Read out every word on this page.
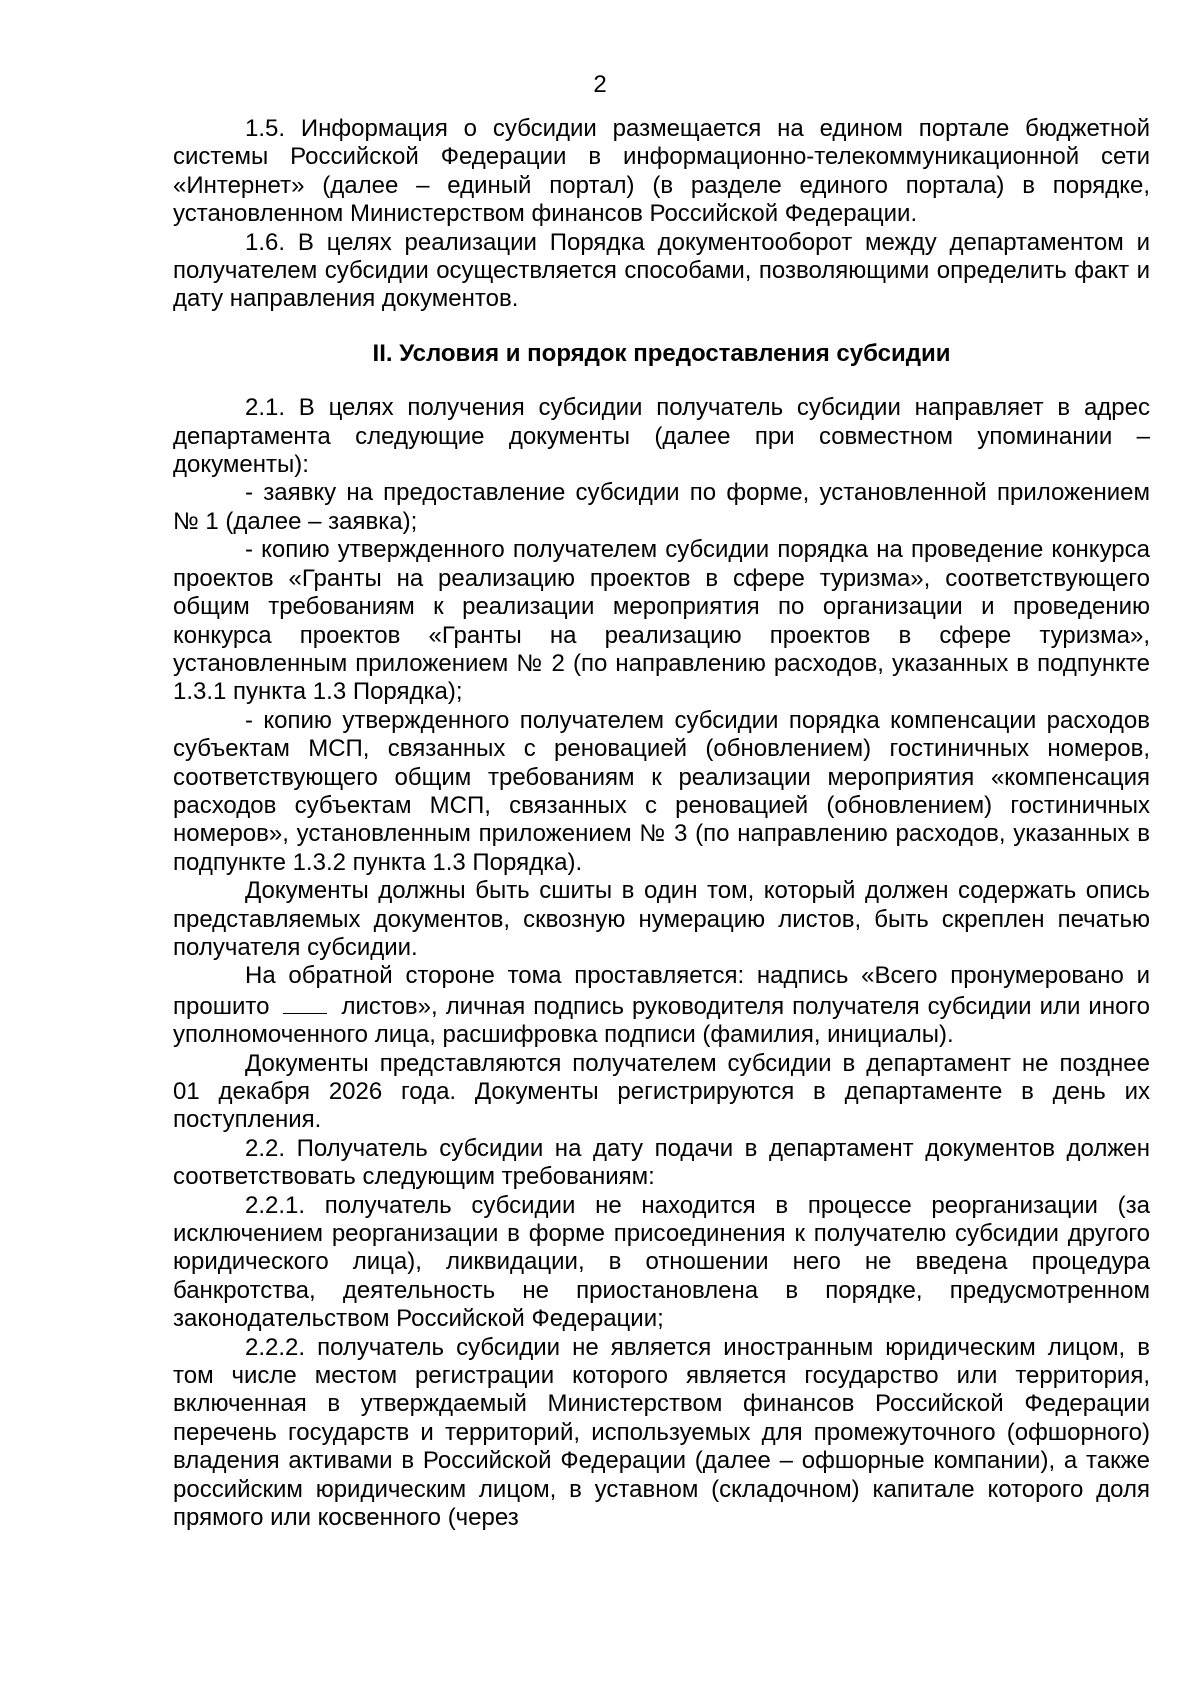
2

1.5. Информация о субсидии размещается на едином портале бюджетной системы Российской Федерации в информационно-телекоммуникационной сети «Интернет» (далее – единый портал) (в разделе единого портала) в порядке, установленном Министерством финансов Российской Федерации.

1.6. В целях реализации Порядка документооборот между департаментом и получателем субсидии осуществляется способами, позволяющими определить факт и дату направления документов.

II. Условия и порядок предоставления субсидии

2.1. В целях получения субсидии получатель субсидии направляет в адрес департамента следующие документы (далее при совместном упоминании – документы):

- заявку на предоставление субсидии по форме, установленной приложением № 1 (далее – заявка);

- копию утвержденного получателем субсидии порядка на проведение конкурса проектов «Гранты на реализацию проектов в сфере туризма», соответствующего общим требованиям к реализации мероприятия по организации и проведению конкурса проектов «Гранты на реализацию проектов в сфере туризма», установленным приложением № 2 (по направлению расходов, указанных в подпункте 1.3.1 пункта 1.3 Порядка);

- копию утвержденного получателем субсидии порядка компенсации расходов субъектам МСП, связанных с реновацией (обновлением) гостиничных номеров, соответствующего общим требованиям к реализации мероприятия «компенсация расходов субъектам МСП, связанных с реновацией (обновлением) гостиничных номеров», установленным приложением № 3 (по направлению расходов, указанных в подпункте 1.3.2 пункта 1.3 Порядка).

Документы должны быть сшиты в один том, который должен содержать опись представляемых документов, сквозную нумерацию листов, быть скреплен печатью получателя субсидии.

На обратной стороне тома проставляется: надпись «Всего пронумеровано и прошито	листов», личная подпись руководителя получателя субсидии или иного уполномоченного лица, расшифровка подписи (фамилия, инициалы).

Документы представляются получателем субсидии в департамент не позднее 01 декабря 2026 года. Документы регистрируются в департаменте в день их поступления.

2.2. Получатель субсидии на дату подачи в департамент документов должен соответствовать следующим требованиям:

2.2.1. получатель субсидии не находится в процессе реорганизации (за исключением реорганизации в форме присоединения к получателю субсидии другого юридического лица), ликвидации, в отношении него не введена процедура банкротства, деятельность не приостановлена в порядке, предусмотренном законодательством Российской Федерации;

2.2.2. получатель субсидии не является иностранным юридическим лицом, в том числе местом регистрации которого является государство или территория, включенная в утверждаемый Министерством финансов Российской Федерации перечень государств и территорий, используемых для промежуточного (офшорного) владения активами в Российской Федерации (далее – офшорные компании), а также российским юридическим лицом, в уставном (складочном) капитале которого доля прямого или косвенного (через
